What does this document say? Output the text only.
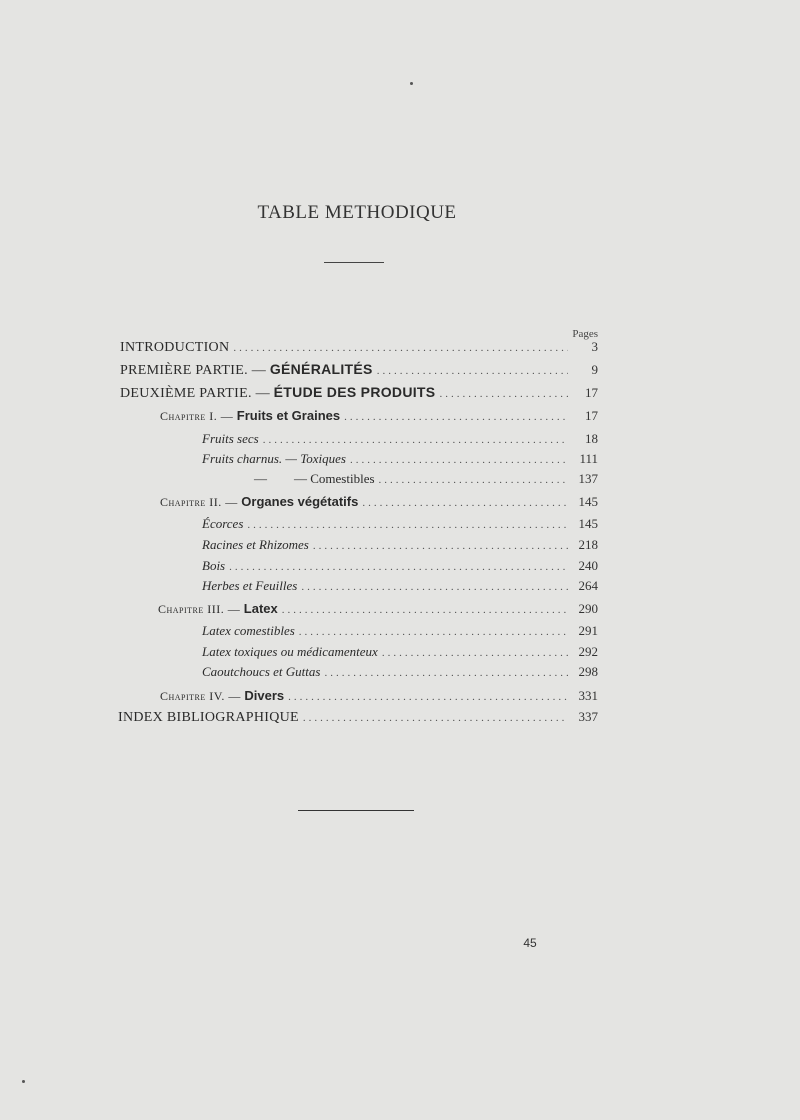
TABLE METHODIQUE
Pages
INTRODUCTION .....	3
PREMIÈRE PARTIE. — GÉNÉRALITÉS .....	9
DEUXIÈME PARTIE. — ÉTUDE DES PRODUITS .....	17
Chapitre I. — Fruits et Graines .....	17
Fruits secs .....	18
Fruits charnus. — Toxiques .....	111
— — Comestibles .....	137
Chapitre II. — Organes végétatifs .....	145
Écorces .....	145
Racines et Rhizomes .....	218
Bois .....	240
Herbes et Feuilles .....	264
Chapitre III. — Latex .....	290
Latex comestibles .....	291
Latex toxiques ou médicamenteux .....	292
Caoutchoucs et Guttas .....	298
Chapitre IV. — Divers .....	331
INDEX BIBLIOGRAPHIQUE .....	337
45
